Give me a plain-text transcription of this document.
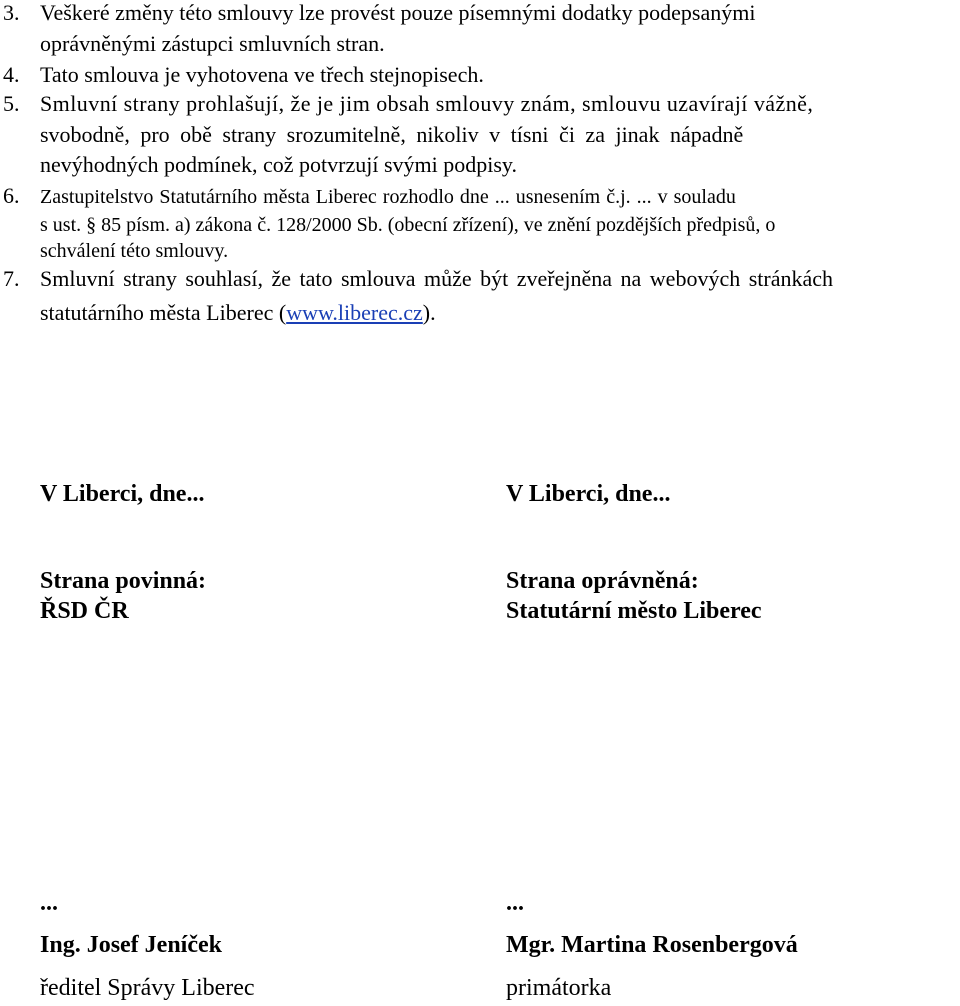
3. Veškeré změny této smlouvy lze provést pouze písemnými dodatky podepsanými
oprávněnými zástupci smluvních stran.
4. Tato smlouva je vyhotovena ve třech stejnopisech.
5. Smluvní strany prohlašují, že je jim obsah smlouvy znám, smlouvu uzavírají vážně,
svobodně, pro obě strany srozumitelně, nikoliv v tísni či za jinak nápadně
nevýhodných podmínek, což potvrzují svými podpisy.
6. Zastupitelstvo Statutárního města Liberec rozhodlo dne ... usnesením č.j. ... v souladu
s ust. § 85 písm. a) zákona č. 128/2000 Sb. (obecní zřízení), ve znění pozdějších předpisů, o
schválení této smlouvy.
7. Smluvní strany souhlasí, že tato smlouva může být zveřejněna na webových stránkách
statutárního města Liberec (www.liberec.cz).
V Liberci, dne...
Strana povinná:
ŘSD ČR
...
Ing. Josef Jeníček
ředitel Správy Liberec
V Liberci, dne...
Strana oprávněná:
Statutární město Liberec
...
Mgr. Martina Rosenbergová
primátorka
